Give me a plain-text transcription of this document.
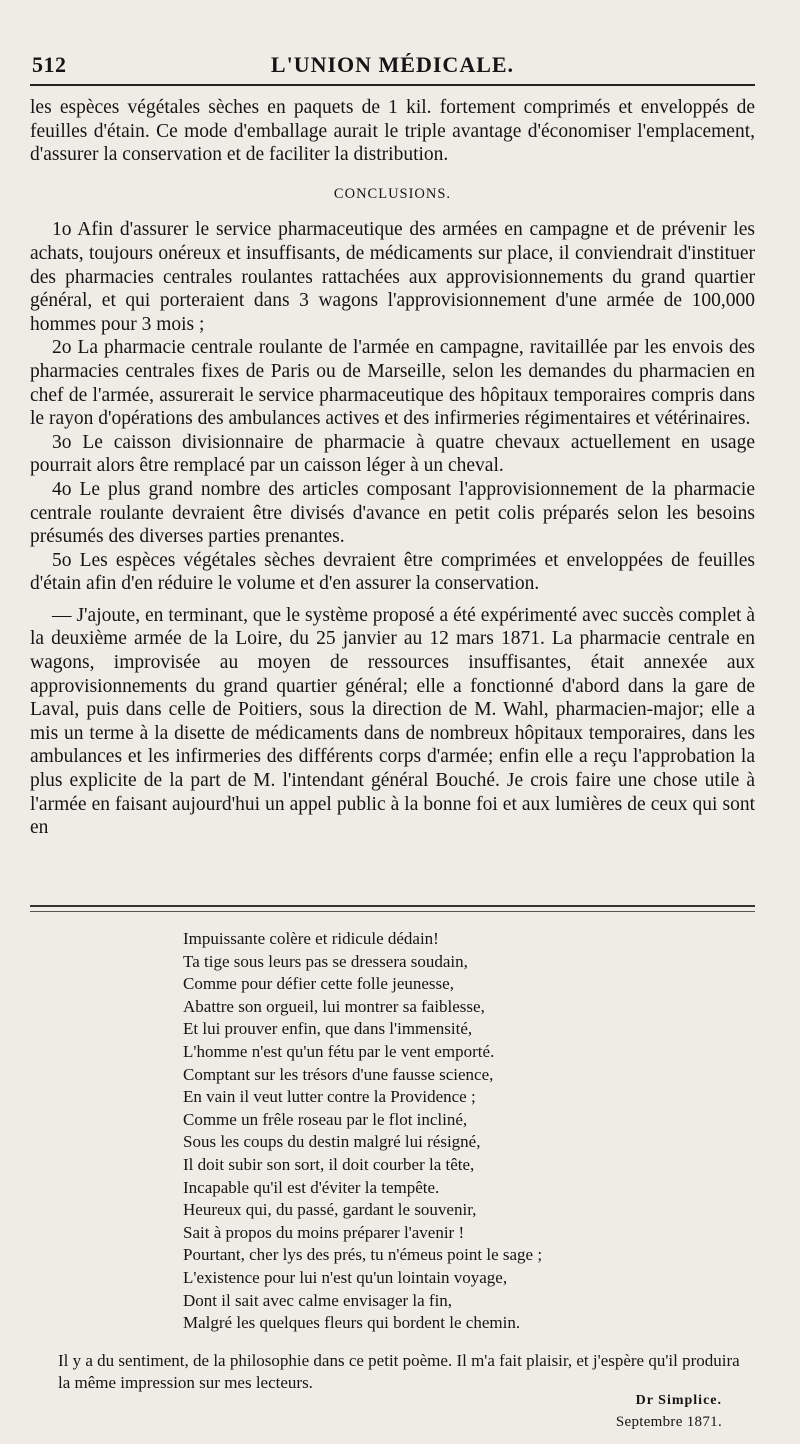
512	L'UNION MÉDICALE.

les espèces végétales sèches en paquets de 1 kil. fortement comprimés et enveloppés de feuilles d'étain. Ce mode d'emballage aurait le triple avantage d'économiser l'emplacement, d'assurer la conservation et de faciliter la distribution.

CONCLUSIONS.

1o Afin d'assurer le service pharmaceutique des armées en campagne et de prévenir les achats, toujours onéreux et insuffisants, de médicaments sur place, il conviendrait d'instituer des pharmacies centrales roulantes rattachées aux approvisionnements du grand quartier général, et qui porteraient dans 3 wagons l'approvisionnement d'une armée de 100,000 hommes pour 3 mois ;

2o La pharmacie centrale roulante de l'armée en campagne, ravitaillée par les envois des pharmacies centrales fixes de Paris ou de Marseille, selon les demandes du pharmacien en chef de l'armée, assurerait le service pharmaceutique des hôpitaux temporaires compris dans le rayon d'opérations des ambulances actives et des infirmeries régimentaires et vétérinaires.

3o Le caisson divisionnaire de pharmacie à quatre chevaux actuellement en usage pourrait alors être remplacé par un caisson léger à un cheval.

4o Le plus grand nombre des articles composant l'approvisionnement de la pharmacie centrale roulante devraient être divisés d'avance en petit colis préparés selon les besoins présumés des diverses parties prenantes.

5o Les espèces végétales sèches devraient être comprimées et enveloppées de feuilles d'étain afin d'en réduire le volume et d'en assurer la conservation.

— J'ajoute, en terminant, que le système proposé a été expérimenté avec succès complet à la deuxième armée de la Loire, du 25 janvier au 12 mars 1871. La pharmacie centrale en wagons, improvisée au moyen de ressources insuffisantes, était annexée aux approvisionnements du grand quartier général; elle a fonctionné d'abord dans la gare de Laval, puis dans celle de Poitiers, sous la direction de M. Wahl, pharmacien-major; elle a mis un terme à la disette de médicaments dans de nombreux hôpitaux temporaires, dans les ambulances et les infirmeries des différents corps d'armée; enfin elle a reçu l'approbation la plus explicite de la part de M. l'intendant général Bouché. Je crois faire une chose utile à l'armée en faisant aujourd'hui un appel public à la bonne foi et aux lumières de ceux qui sont en

Impuissante colère et ridicule dédain!
Ta tige sous leurs pas se dressera soudain,
Comme pour défier cette folle jeunesse,
Abattre son orgueil, lui montrer sa faiblesse,
Et lui prouver enfin, que dans l'immensité,
L'homme n'est qu'un fétu par le vent emporté.
Comptant sur les trésors d'une fausse science,
En vain il veut lutter contre la Providence ;
Comme un frêle roseau par le flot incliné,
Sous les coups du destin malgré lui résigné,
Il doit subir son sort, il doit courber la tête,
Incapable qu'il est d'éviter la tempête.
Heureux qui, du passé, gardant le souvenir,
Sait à propos du moins préparer l'avenir !
Pourtant, cher lys des prés, tu n'émeus point le sage ;
L'existence pour lui n'est qu'un lointain voyage,
Dont il sait avec calme envisager la fin,
Malgré les quelques fleurs qui bordent le chemin.

Il y a du sentiment, de la philosophie dans ce petit poème. Il m'a fait plaisir, et j'espère qu'il produira la même impression sur mes lecteurs.

Dr Simplice.
Septembre 1871.
